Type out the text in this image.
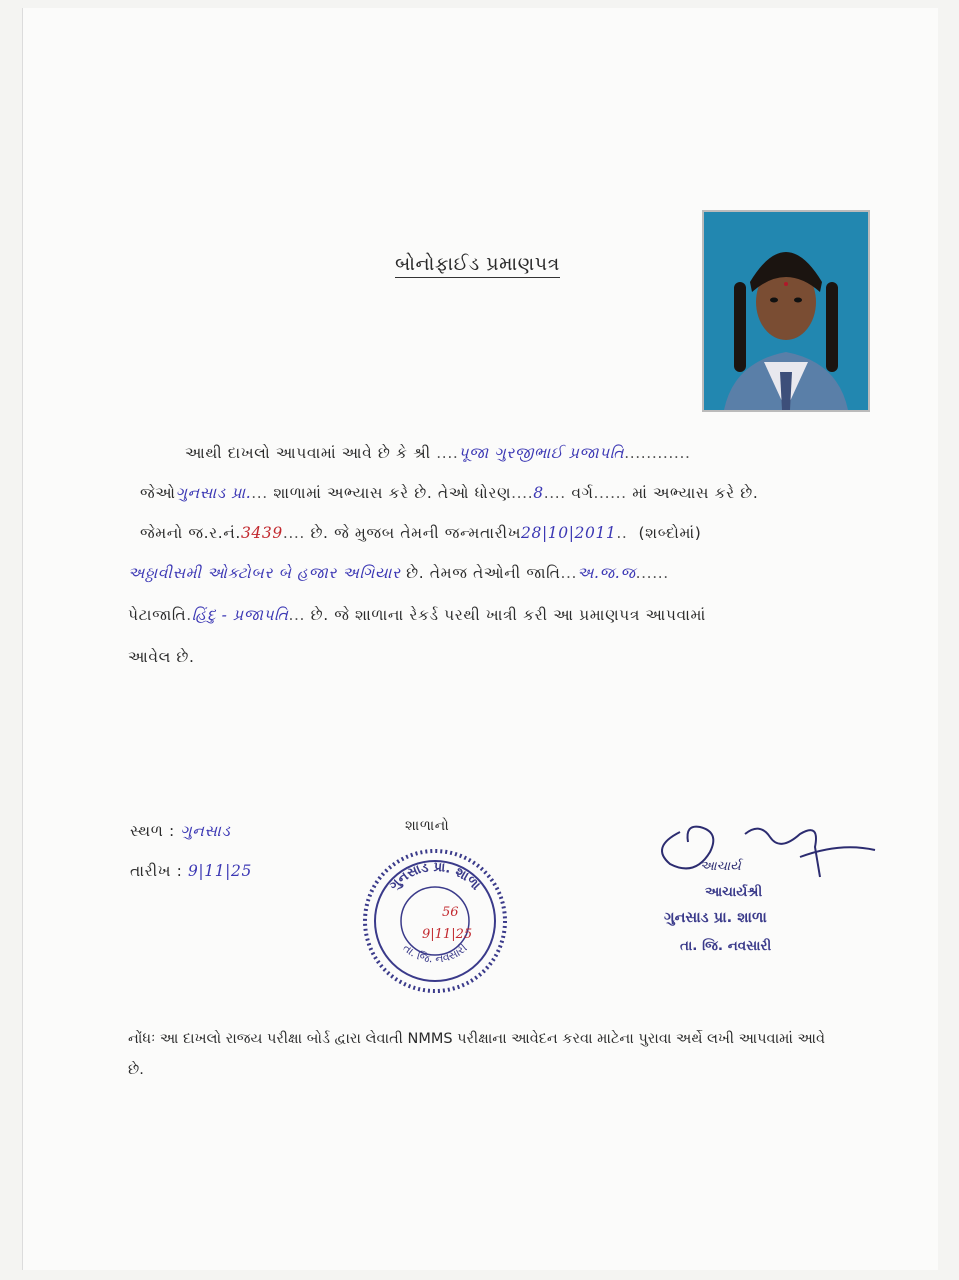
બોનોફાઈડ પ્રમાણપત્ર
આથી દાખલો આપવામાં આવે છે કે શ્રી ....પૂજા ગુરજીભાઈ પ્રજાપતિ............
જેઓગુનસાડ પ્રા.... શાળામાં અભ્યાસ કરે છે. તેઓ ધોરણ....8.... વર્ગ...... માં અભ્યાસ કરે છે.
જેમનો જ.ર.નં.3439.... છે. જે મુજબ તેમની જન્મતારીખ28|10|2011.. (શબ્દોમાં)
અઠ્ઠાવીસમી ઓક્ટોબર બે હજાર અગિયાર છે. તેમજ તેઓની જાતિ...અ.જ.જ......
પેટાજાતિ.હિંદુ - પ્રજાપતિ... છે. જે શાળાના રેકર્ડ પરથી ખાત્રી કરી આ પ્રમાણપત્ર આપવામાં
આવેલ છે.
સ્થળ : ગુનસાડ
તારીખ : 9|11|25
શાળાનો
ગુનસાડ પ્રા. શાળા
તા. જિ. નવસારી
56
9|11|25
આચાર્ય
આચાર્યશ્રી
ગુનસાડ પ્રા. શાળા
તા. જિ. નવસારી
નોંધઃ આ દાખલો રાજય પરીક્ષા બોર્ડ દ્વારા લેવાતી NMMS પરીક્ષાના આવેદન કરવા માટેના પુરાવા અર્થે લખી આપવામાં આવે છે.
